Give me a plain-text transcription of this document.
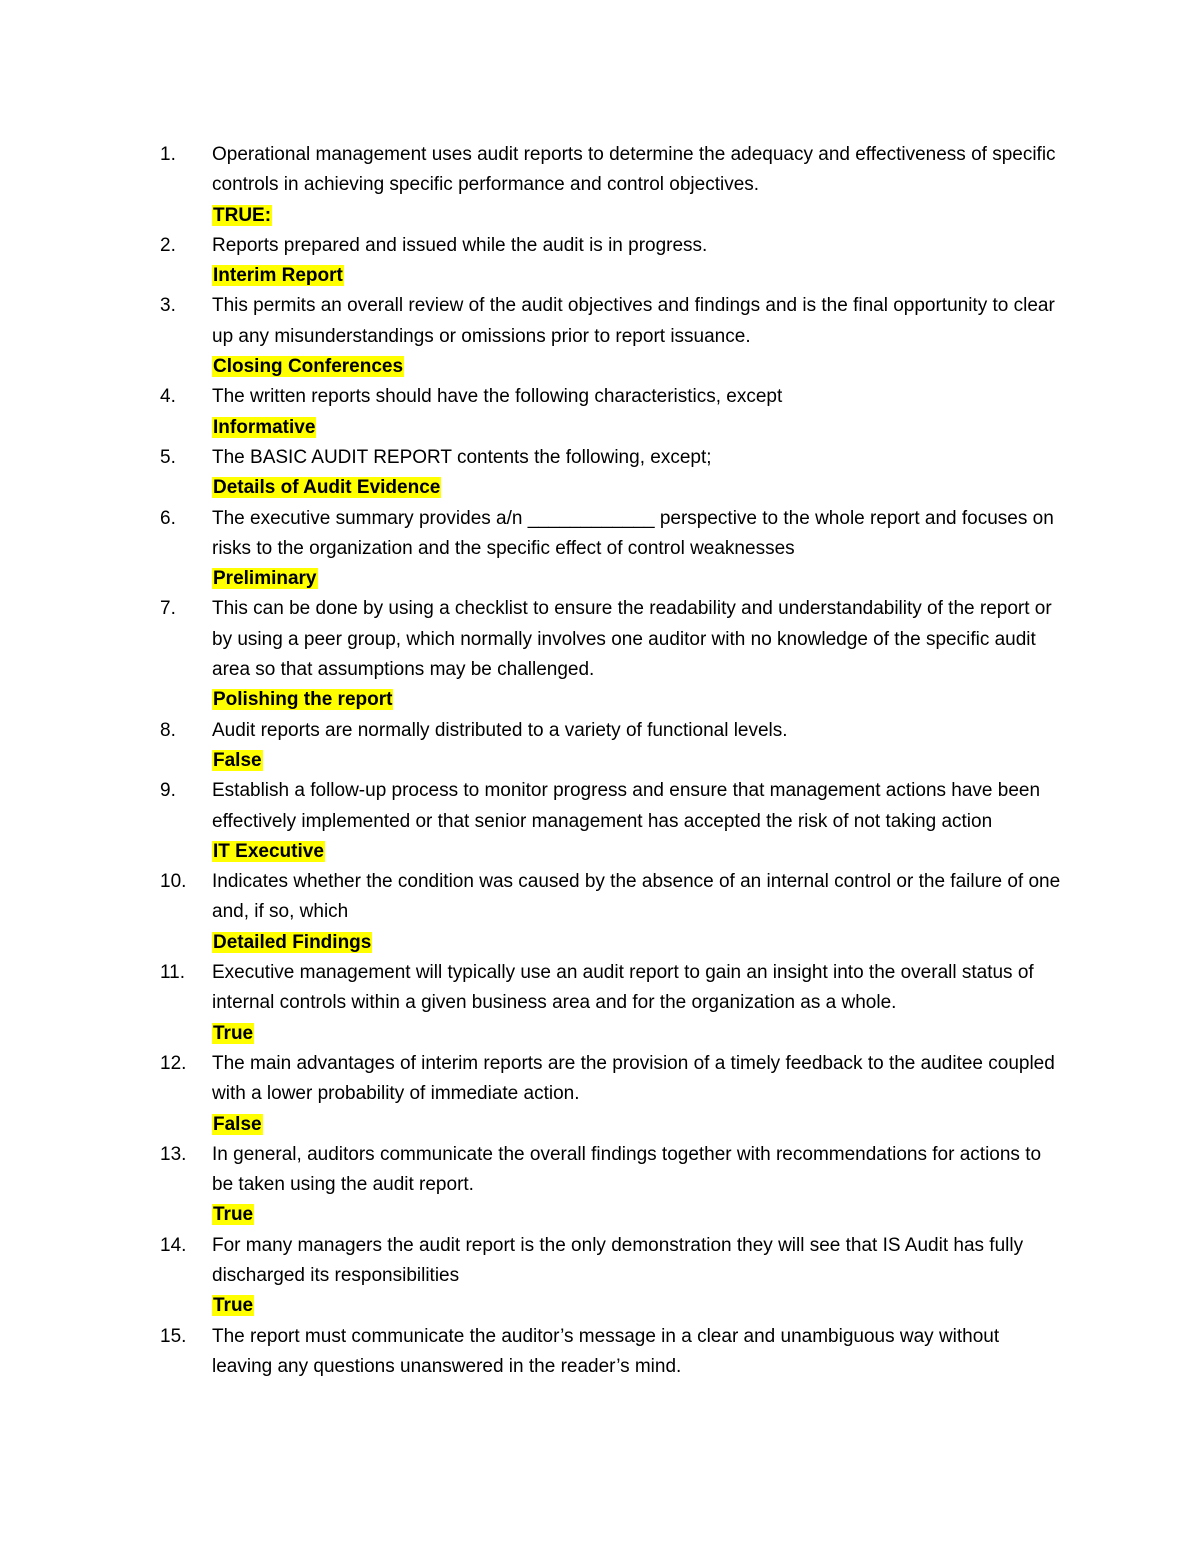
1.	Operational management uses audit reports to determine the adequacy and effectiveness of specific controls in achieving specific performance and control objectives.
TRUE:
2.	Reports prepared and issued while the audit is in progress.
Interim Report
3.	This permits an overall review of the audit objectives and findings and is the final opportunity to clear up any misunderstandings or omissions prior to report issuance.
Closing Conferences
4.	The written reports should have the following characteristics, except
Informative
5.	The BASIC AUDIT REPORT contents the following, except;
Details of Audit Evidence
6.	The executive summary provides a/n ____________ perspective to the whole report and focuses on risks to the organization and the specific effect of control weaknesses
Preliminary
7.	This can be done by using a checklist to ensure the readability and understandability of the report or by using a peer group, which normally involves one auditor with no knowledge of the specific audit area so that assumptions may be challenged.
Polishing the report
8.	Audit reports are normally distributed to a variety of functional levels.
False
9.	Establish a follow-up process to monitor progress and ensure that management actions have been effectively implemented or that senior management has accepted the risk of not taking action
IT Executive
10.	Indicates whether the condition was caused by the absence of an internal control or the failure of one and, if so, which
Detailed Findings
11.	Executive management will typically use an audit report to gain an insight into the overall status of internal controls within a given business area and for the organization as a whole.
True
12.	The main advantages of interim reports are the provision of a timely feedback to the auditee coupled with a lower probability of immediate action.
False
13.	In general, auditors communicate the overall findings together with recommendations for actions to be taken using the audit report.
True
14.	For many managers the audit report is the only demonstration they will see that IS Audit has fully discharged its responsibilities
True
15.	The report must communicate the auditor’s message in a clear and unambiguous way without leaving any questions unanswered in the reader’s mind.
